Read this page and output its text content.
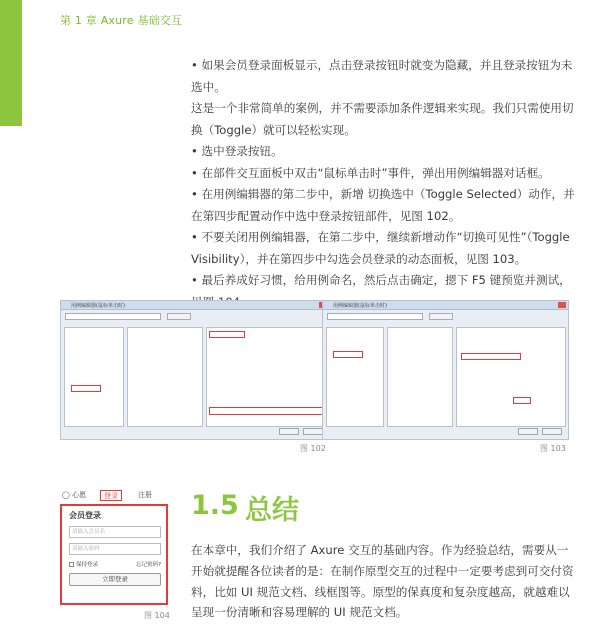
第 1 章 Axure 基础交互

• 如果会员登录面板显示，点击登录按钮时就变为隐藏，并且登录按钮为未选中。

这是一个非常简单的案例，并不需要添加条件逻辑来实现。我们只需使用切换（Toggle）就可以轻松实现。

• 选中登录按钮。

• 在部件交互面板中双击“鼠标单击时”事件，弹出用例编辑器对话框。

• 在用例编辑器的第二步中，新增 切换选中（Toggle Selected）动作，并在第四步配置动作中选中登录按钮部件，见图 102。

• 不要关闭用例编辑器，在第二步中，继续新增动作“切换可见性”（Toggle Visibility），并在第四步中勾选会员登录的动态面板，见图 103。

• 最后养成好习惯，给用例命名，然后点击确定，摁下 F5 键预览并测试，

用例编辑器(鼠标单击时)
图 102
用例编辑器(鼠标单击时)
图 103
◯ 心愿	登录	注册
会员登录
请输入会员名
请输入密码
保持登录	忘记密码?
立即登录
图 104
1.5 总结
在本章中，我们介绍了 Axure 交互的基础内容。作为经验总结，需要从一开始就提醒各位读者的是：在制作原型交互的过程中一定要考虑到可交付资料，比如 UI 规范文档、线框图等。原型的保真度和复杂度越高，就越难以呈现一份清晰和容易理解的 UI 规范文档。
